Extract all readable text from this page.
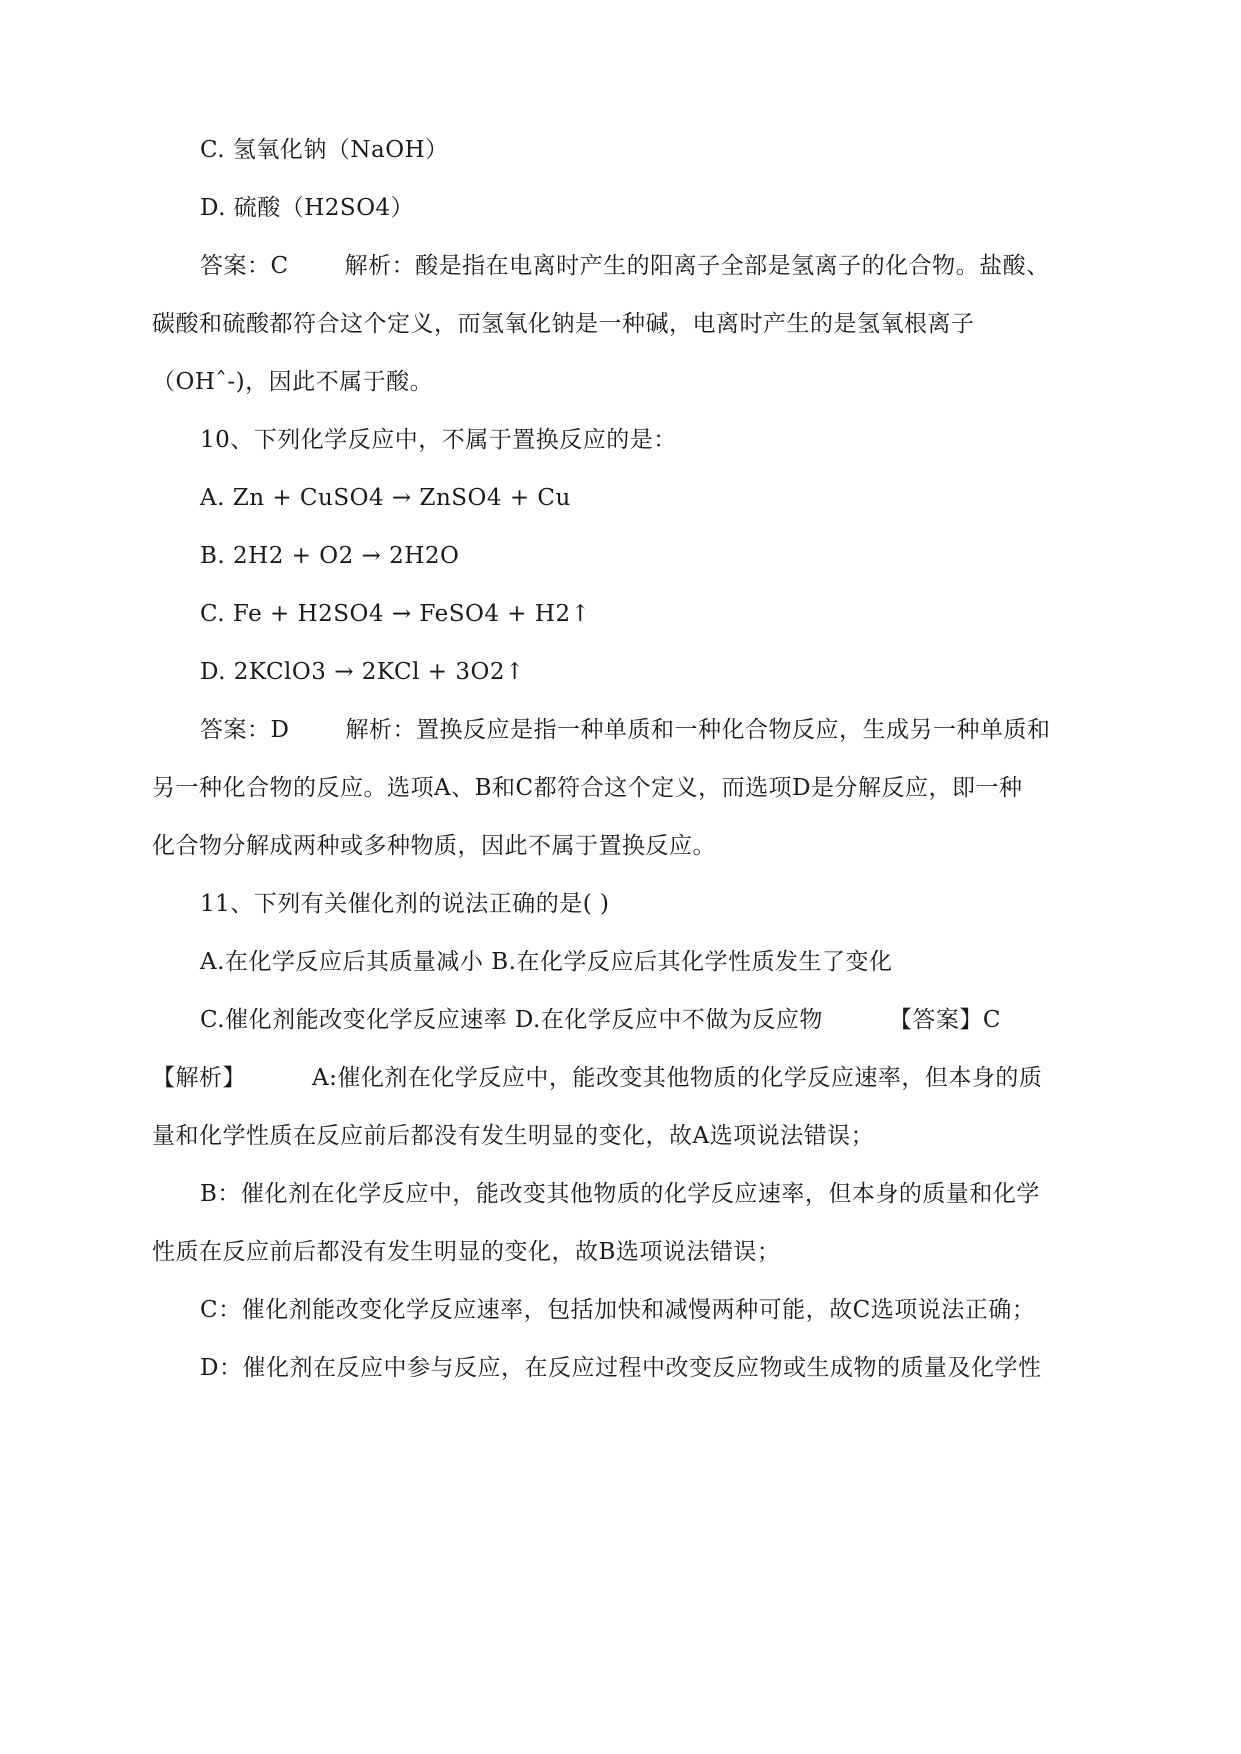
C. 氢氧化钠（NaOH）
D. 硫酸（H2SO4）
答案：C 解析：酸是指在电离时产生的阳离子全部是氢离子的化合物。盐酸、
碳酸和硫酸都符合这个定义，而氢氧化钠是一种碱，电离时产生的是氢氧根离子
（OHˆ-)，因此不属于酸。
10、下列化学反应中，不属于置换反应的是：
A. Zn + CuSO4 → ZnSO4 + Cu
B. 2H2 + O2 → 2H2O
C. Fe + H2SO4 → FeSO4 + H2↑
D. 2KClO3 → 2KCl + 3O2↑
答案：D 解析：置换反应是指一种单质和一种化合物反应，生成另一种单质和
另一种化合物的反应。选项A、B和C都符合这个定义，而选项D是分解反应，即一种
化合物分解成两种或多种物质，因此不属于置换反应。
11、下列有关催化剂的说法正确的是( )
A.在化学反应后其质量减小 B.在化学反应后其化学性质发生了变化
C.催化剂能改变化学反应速率 D.在化学反应中不做为反应物	【答案】C
【解析】	A:催化剂在化学反应中，能改变其他物质的化学反应速率，但本身的质
量和化学性质在反应前后都没有发生明显的变化，故A选项说法错误；
B：催化剂在化学反应中，能改变其他物质的化学反应速率，但本身的质量和化学
性质在反应前后都没有发生明显的变化，故B选项说法错误；
C：催化剂能改变化学反应速率，包括加快和减慢两种可能，故C选项说法正确；
D：催化剂在反应中参与反应，在反应过程中改变反应物或生成物的质量及化学性
